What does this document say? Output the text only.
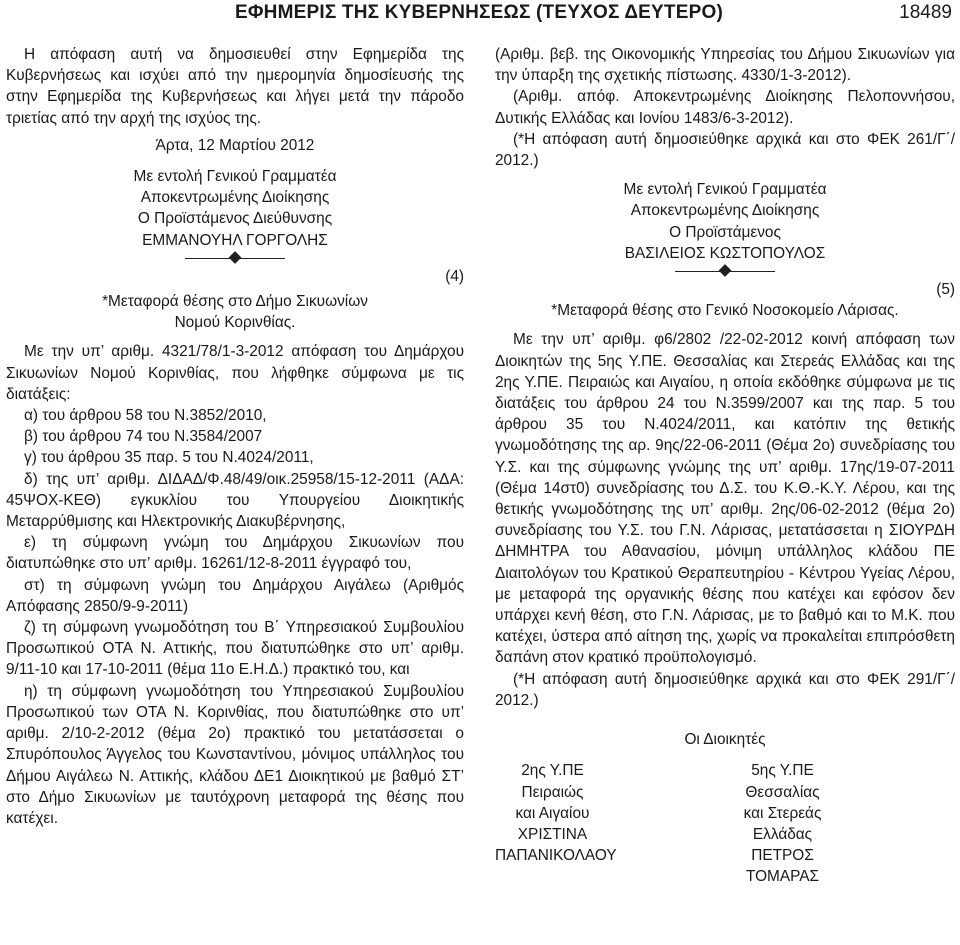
ΕΦΗΜΕΡΙΣ ΤΗΣ ΚΥΒΕΡΝΗΣΕΩΣ (ΤΕΥΧΟΣ ΔΕΥΤΕΡΟ)	18489

Η απόφαση αυτή να δημοσιευθεί στην Εφημερίδα της Κυβερνήσεως και ισχύει από την ημερομηνία δημοσίευσής της στην Εφημερίδα της Κυβερνήσεως και λήγει μετά την πάροδο τριετίας από την αρχή της ισχύος της.

Άρτα, 12 Μαρτίου 2012

Με εντολή Γενικού Γραμματέα

Αποκεντρωμένης Διοίκησης

Ο Προϊστάμενος Διεύθυνσης

ΕΜΜΑΝΟΥΗΛ ΓΟΡΓΟΛΗΣ

(4)

*Μεταφορά θέσης στο Δήμο Σικυωνίων

Νομού Κορινθίας.

Με την υπ’ αριθμ. 4321/78/1-3-2012 απόφαση του Δημάρχου Σικυωνίων Νομού Κορινθίας, που λήφθηκε σύμφωνα με τις διατάξεις:

α) του άρθρου 58 του Ν.3852/2010,

β) του άρθρου 74 του Ν.3584/2007

γ) του άρθρου 35 παρ. 5 του Ν.4024/2011,

δ) της υπ’ αριθμ. ΔΙΔΑΔ/Φ.48/49/οικ.25958/15-12-2011 (ΑΔΑ: 45ΨΟΧ-ΚΕΘ) εγκυκλίου του Υπουργείου Διοικητικής Μεταρρύθμισης και Ηλεκτρονικής Διακυβέρνησης,

ε) τη σύμφωνη γνώμη του Δημάρχου Σικυωνίων που διατυπώθηκε στο υπ’ αριθμ. 16261/12-8-2011 έγγραφό του,

στ) τη σύμφωνη γνώμη του Δημάρχου Αιγάλεω (Αριθμός Απόφασης 2850/9-9-2011)

ζ) τη σύμφωνη γνωμοδότηση του Β΄ Υπηρεσιακού Συμβουλίου Προσωπικού ΟΤΑ Ν. Αττικής, που διατυπώθηκε στο υπ’ αριθμ. 9/11-10 και 17-10-2011 (θέμα 11ο Ε.Η.Δ.) πρακτικό του, και

η) τη σύμφωνη γνωμοδότηση του Υπηρεσιακού Συμβουλίου Προσωπικού των ΟΤΑ Ν. Κορινθίας, που διατυπώθηκε στο υπ’ αριθμ. 2/10-2-2012 (θέμα 2ο) πρακτικό του μετατάσσεται ο Σπυρόπουλος Άγγελος του Κωνσταντίνου, μόνιμος υπάλληλος του Δήμου Αιγάλεω Ν. Αττικής, κλάδου ΔΕ1 Διοικητικού με βαθμό ΣΤ’ στο Δήμο Σικυωνίων με ταυτόχρονη μεταφορά της θέσης που κατέχει.

(Αριθμ. βεβ. της Οικονομικής Υπηρεσίας του Δήμου Σικυωνίων για την ύπαρξη της σχετικής πίστωσης. 4330/1-3-2012).

(Αριθμ. απόφ. Αποκεντρωμένης Διοίκησης Πελοποννήσου, Δυτικής Ελλάδας και Ιονίου 1483/6-3-2012).

(*Η απόφαση αυτή δημοσιεύθηκε αρχικά και στο ΦΕΚ 261/Γ΄/ 2012.)

Με εντολή Γενικού Γραμματέα

Αποκεντρωμένης Διοίκησης

Ο Προϊστάμενος

ΒΑΣΙΛΕΙΟΣ ΚΩΣΤΟΠΟΥΛΟΣ

(5)

*Μεταφορά θέσης στο Γενικό Νοσοκομείο Λάρισας.

Με την υπ’ αριθμ. φ6/2802 /22-02-2012 κοινή απόφαση των Διοικητών της 5ης Υ.ΠΕ. Θεσσαλίας και Στερεάς Ελλάδας και της 2ης Υ.ΠΕ. Πειραιώς και Αιγαίου, η οποία εκδόθηκε σύμφωνα με τις διατάξεις του άρθρου 24 του Ν.3599/2007 και της παρ. 5 του άρθρου 35 του Ν.4024/2011, και κατόπιν της θετικής γνωμοδότησης της αρ. 9ης/22-06-2011 (Θέμα 2ο) συνεδρίασης του Υ.Σ. και της σύμφωνης γνώμης της υπ’ αριθμ. 17ης/19-07-2011 (Θέμα 14στ0) συνεδρίασης του Δ.Σ. του Κ.Θ.-Κ.Υ. Λέρου, και της θετικής γνωμοδότησης της υπ’ αριθμ. 2ης/06-02-2012 (θέμα 2ο) συνεδρίασης του Υ.Σ. του Γ.Ν. Λάρισας, μετατάσσεται η ΣΙΟΥΡΔΗ ΔΗΜΗΤΡΑ του Αθανασίου, μόνιμη υπάλληλος κλάδου ΠΕ Διαιτολόγων του Κρατικού Θεραπευτηρίου - Κέντρου Υγείας Λέρου, με μεταφορά της οργανικής θέσης που κατέχει και εφόσον δεν υπάρχει κενή θέση, στο Γ.Ν. Λάρισας, με το βαθμό και το Μ.Κ. που κατέχει, ύστερα από αίτηση της, χωρίς να προκαλείται επιπρόσθετη δαπάνη στον κρατικό προϋπολογισμό.

(*Η απόφαση αυτή δημοσιεύθηκε αρχικά και στο ΦΕΚ 291/Γ΄/ 2012.)

Οι Διοικητές

2ης Υ.ΠΕ Πειραιώς
και Αιγαίου
ΧΡΙΣΤΙΝΑ ΠΑΠΑΝΙΚΟΛΑΟΥ
5ης Υ.ΠΕ Θεσσαλίας
και Στερεάς Ελλάδας
ΠΕΤΡΟΣ ΤΟΜΑΡΑΣ
